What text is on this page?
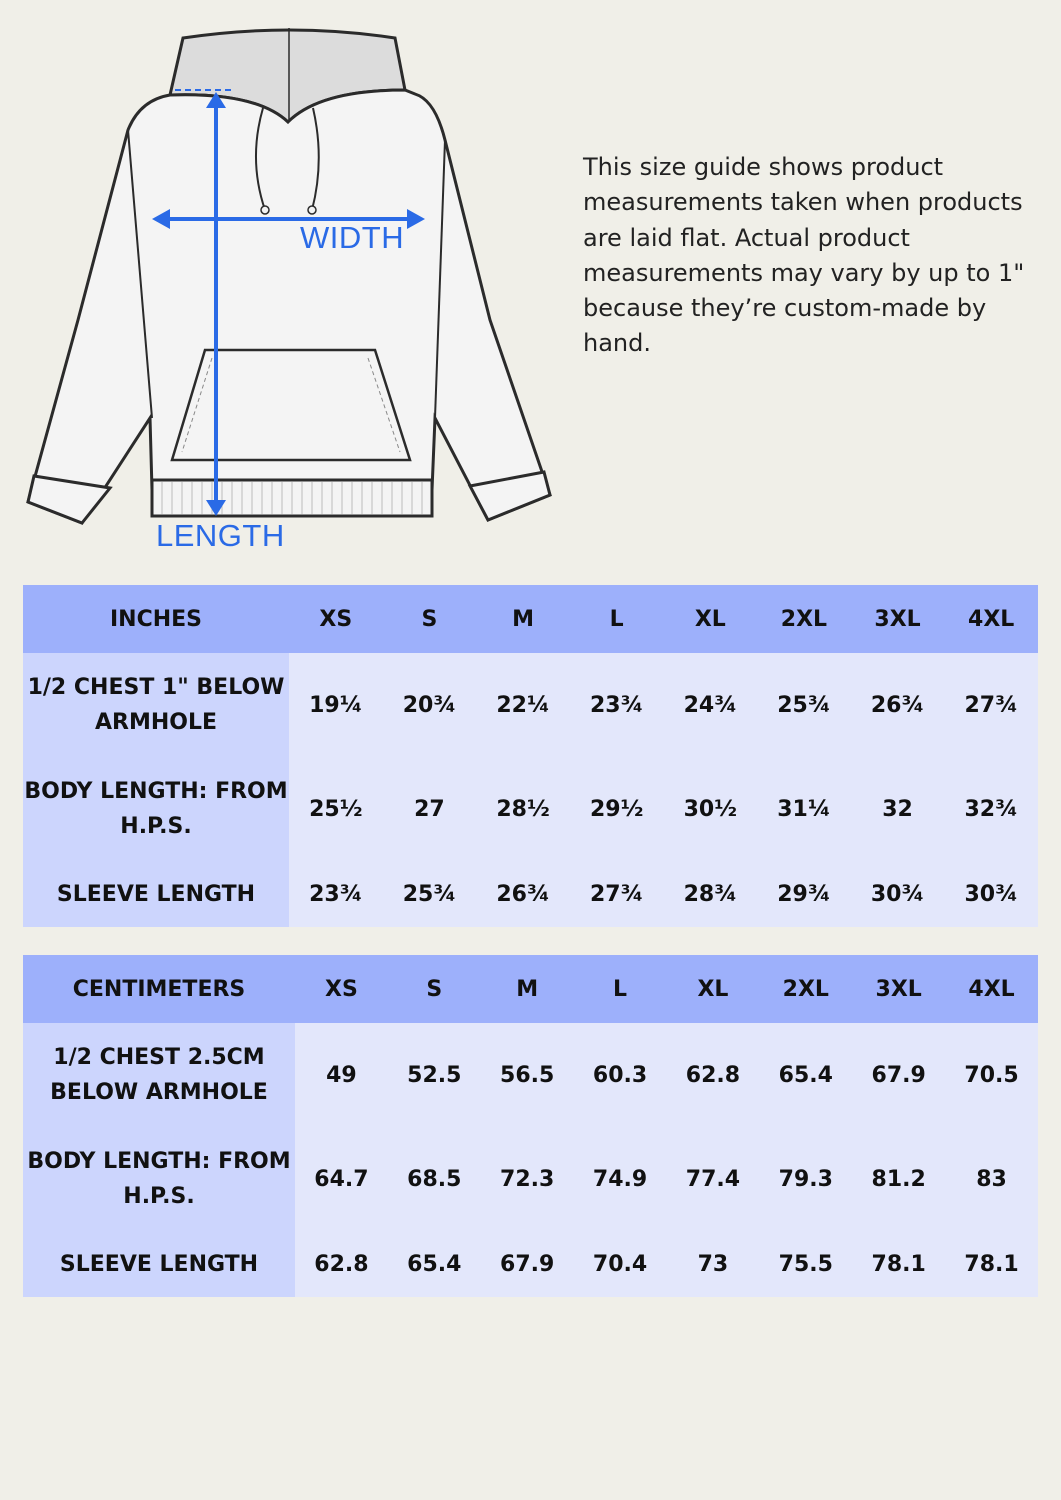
WIDTH
LENGTH

This size guide shows product measurements taken when products are laid flat. Actual product measurements may vary by up to 1" because they’re custom-made by hand.

INCHES	XS	S	M	L	XL	2XL	3XL	4XL
1/2 CHEST 1" BELOW ARMHOLE	19¼	20¾	22¼	23¾	24¾	25¾	26¾	27¾
BODY LENGTH: FROM H.P.S.	25½	27	28½	29½	30½	31¼	32	32¾
SLEEVE LENGTH	23¾	25¾	26¾	27¾	28¾	29¾	30¾	30¾
CENTIMETERS	XS	S	M	L	XL	2XL	3XL	4XL
1/2 CHEST 2.5CM BELOW ARMHOLE	49	52.5	56.5	60.3	62.8	65.4	67.9	70.5
BODY LENGTH: FROM H.P.S.	64.7	68.5	72.3	74.9	77.4	79.3	81.2	83
SLEEVE LENGTH	62.8	65.4	67.9	70.4	73	75.5	78.1	78.1
